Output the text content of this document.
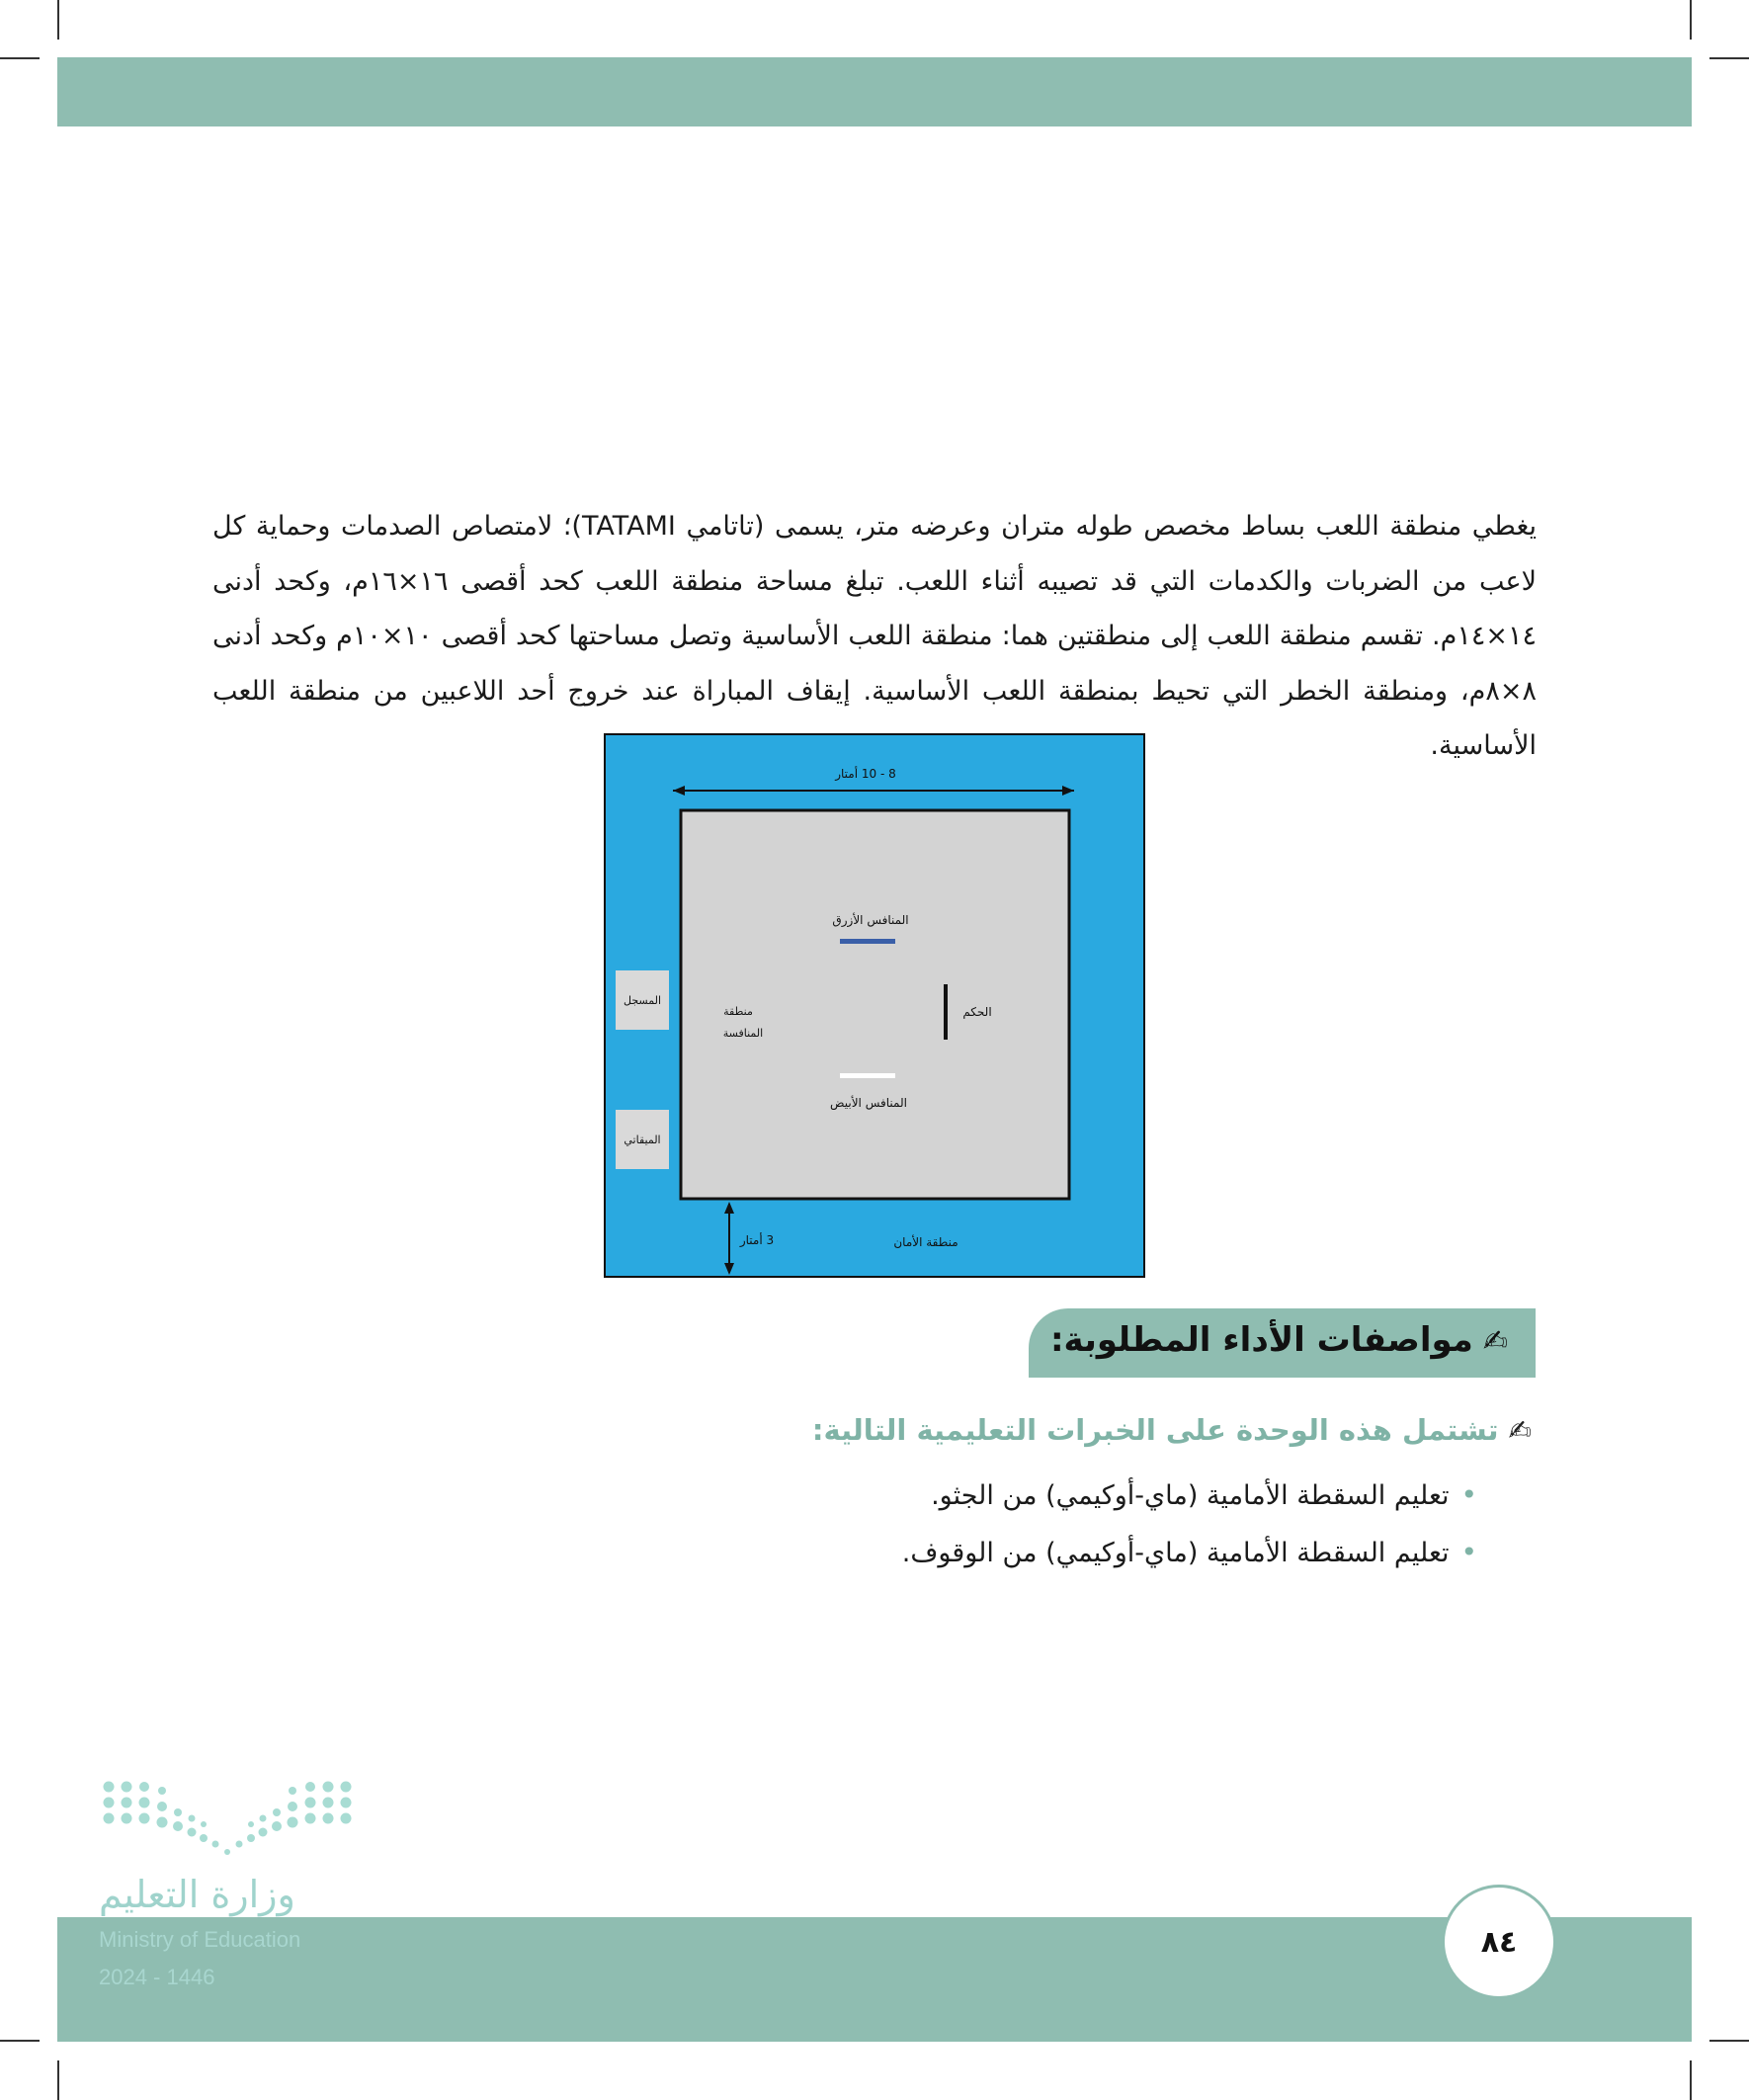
يغطي منطقة اللعب بساط مخصص طوله متران وعرضه متر، يسمى (تاتامي TATAMI)؛ لامتصاص الصدمات وحماية كل لاعب من الضربات والكدمات التي قد تصيبه أثناء اللعب. تبلغ مساحة منطقة اللعب كحد أقصى ١٦×١٦م، وكحد أدنى ١٤×١٤م. تقسم منطقة اللعب إلى منطقتين هما: منطقة اللعب الأساسية وتصل مساحتها كحد أقصى ١٠×١٠م وكحد أدنى ٨×٨م، ومنطقة الخطر التي تحيط بمنطقة اللعب الأساسية. إيقاف المباراة عند خروج أحد اللاعبين من منطقة اللعب الأساسية.

8 - 10 أمتار
المنافس الأزرق
المنافس الأبيض
الحكم
منطقة
المنافسة
المسجل
الميقاتي
3 أمتار	منطقة الأمان
✍مواصفات الأداء المطلوبة:
✍تشتمل هذه الوحدة على الخبرات التعليمية التالية:
•تعليم السقطة الأمامية (ماي-أوكيمي) من الجثو.
•تعليم السقطة الأمامية (ماي-أوكيمي) من الوقوف.
وزارة التعليم
Ministry of Education
2024 - 1446
٨٤
